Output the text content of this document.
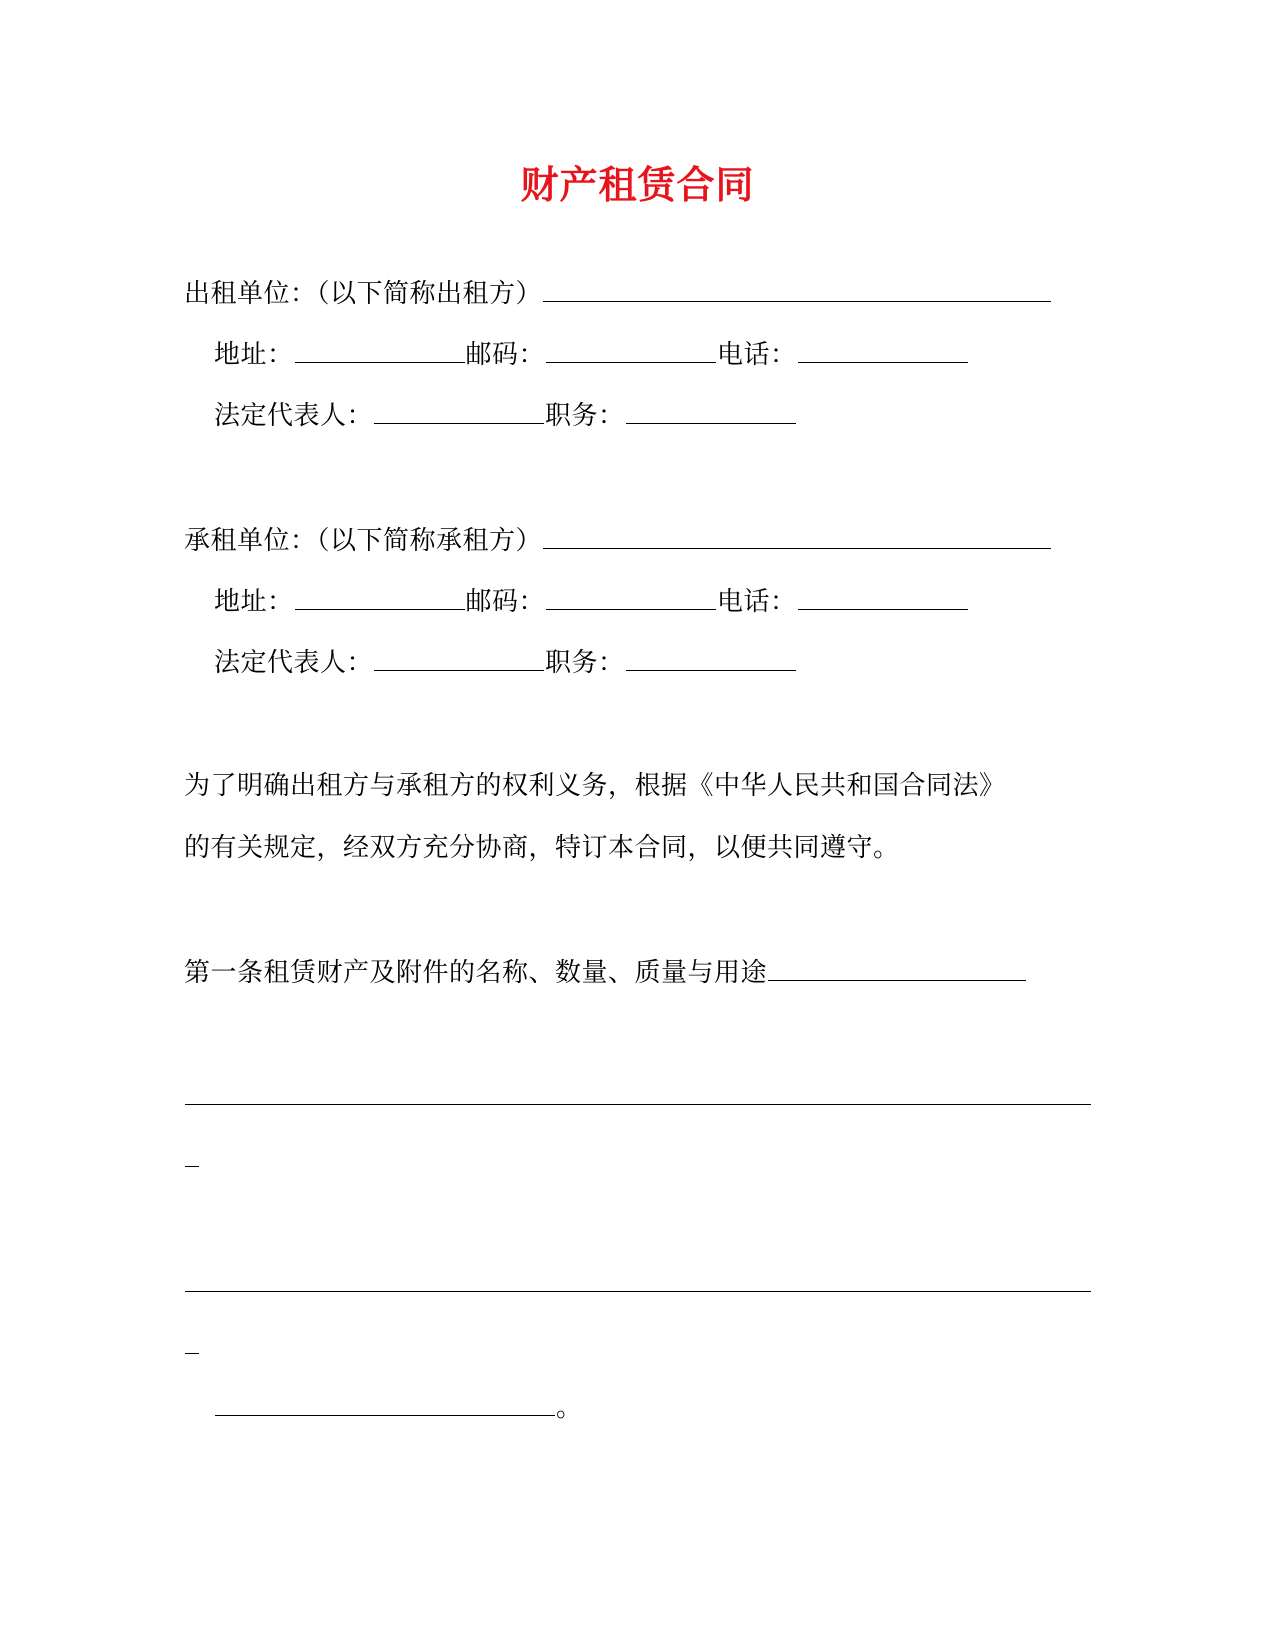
财产租赁合同
出租单位：（以下简称出租方）
地址：	邮码：	电话：
法定代表人：	职务：
承租单位：（以下简称承租方）
地址：	邮码：	电话：
法定代表人：	职务：
为了明确出租方与承租方的权利义务，根据《中华人民共和国合同法》
的有关规定，经双方充分协商，特订本合同，以便共同遵守。
第一条租赁财产及附件的名称、数量、质量与用途
。
